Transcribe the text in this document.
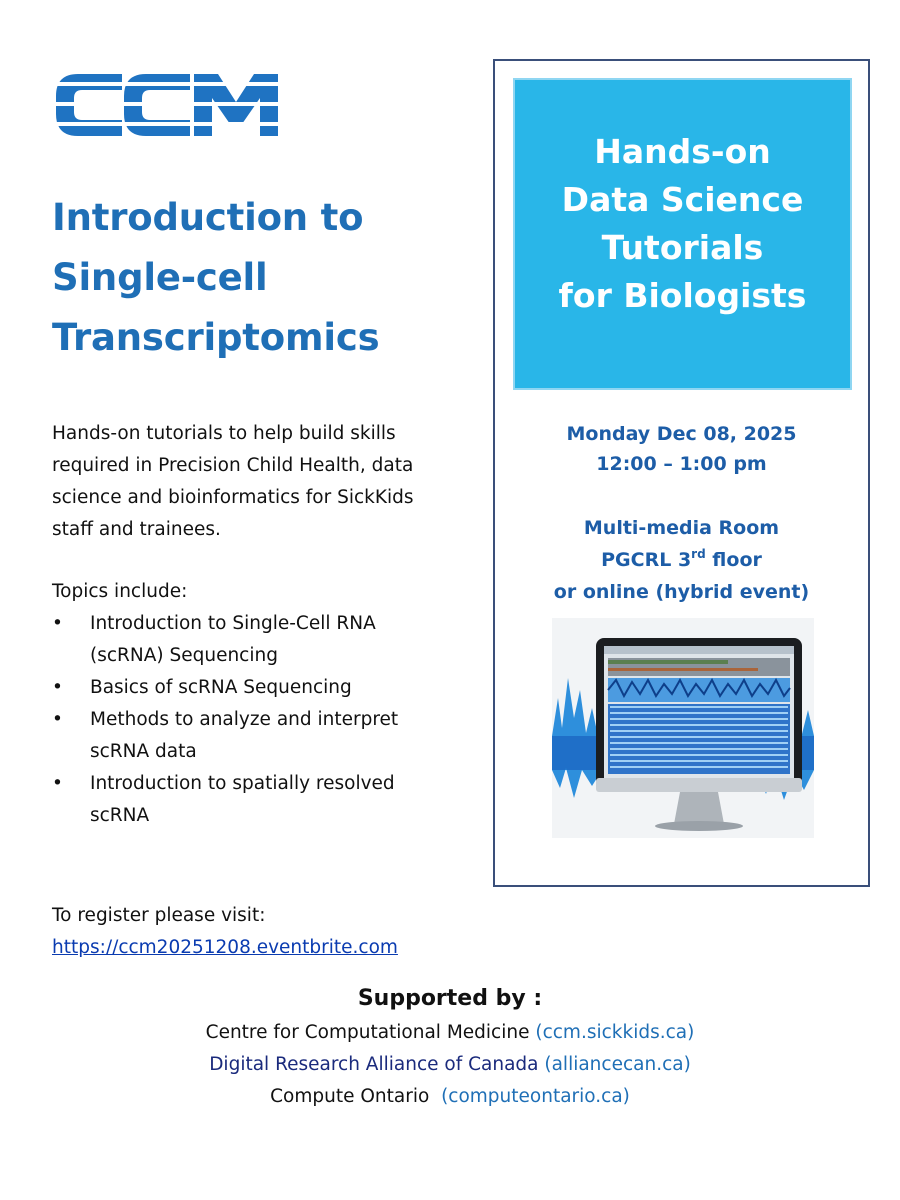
Introduction to
Single-cell
Transcriptomics
Hands-on tutorials to help build skills
required in Precision Child Health, data
science and bioinformatics for SickKids
staff and trainees.
Topics include:
• Introduction to Single-Cell RNA
(scRNA) Sequencing
• Basics of scRNA Sequencing
• Methods to analyze and interpret
scRNA data
• Introduction to spatially resolved
scRNA
To register please visit:
https://ccm20251208.eventbrite.com
Hands-on
Data Science
Tutorials
for Biologists
Monday Dec 08, 2025
12:00 – 1:00 pm
Multi-media Room
PGCRL 3rd floor
or online (hybrid event)
Supported by :
Centre for Computational Medicine (ccm.sickkids.ca)
Digital Research Alliance of Canada (alliancecan.ca)
Compute Ontario  (computeontario.ca)
